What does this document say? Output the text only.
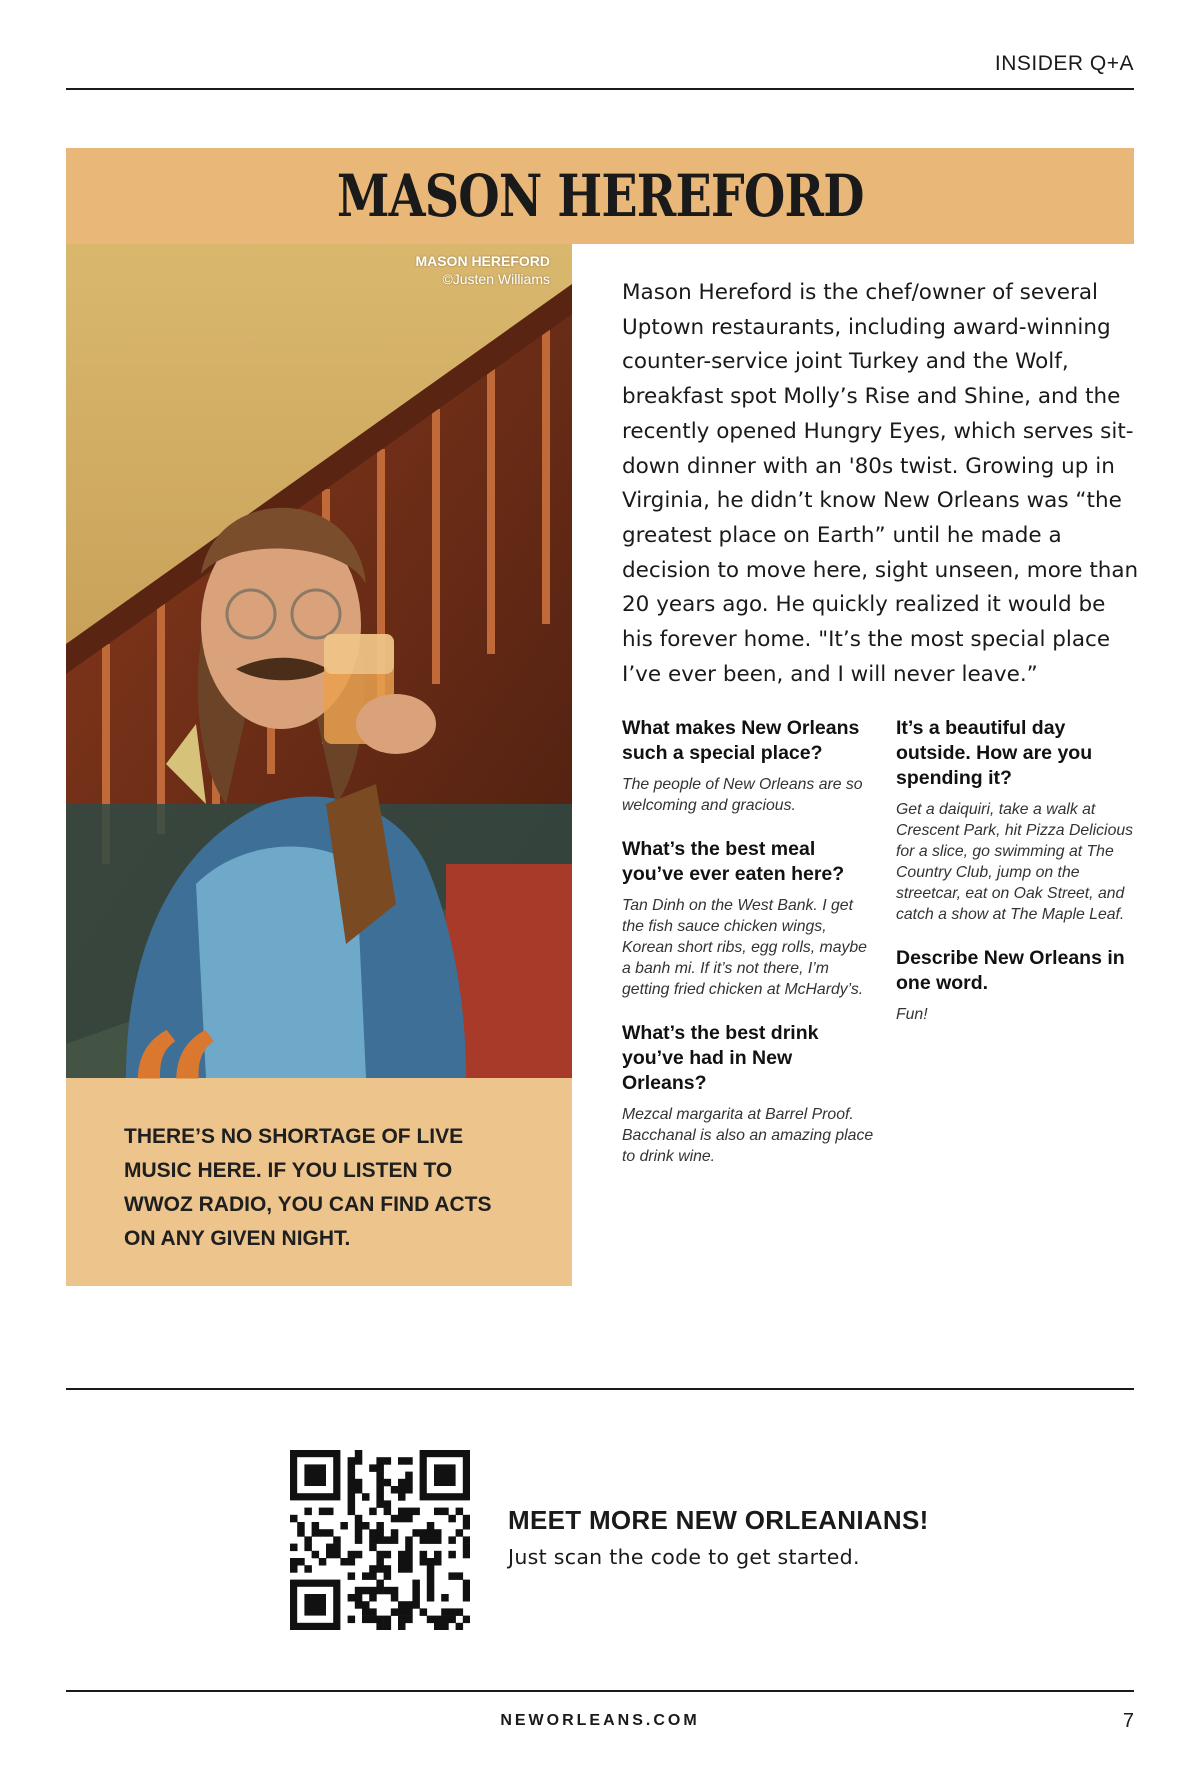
INSIDER Q+A
MASON HEREFORD
MASON HEREFORD
©Justen Williams
“

THERE’S NO SHORTAGE OF LIVE MUSIC HERE. IF YOU LISTEN TO WWOZ RADIO, YOU CAN FIND ACTS ON ANY GIVEN NIGHT.

Mason Hereford is the chef/owner of several Uptown restaurants, including award-winning counter-service joint Turkey and the Wolf, breakfast spot Molly’s Rise and Shine, and the recently opened Hungry Eyes, which serves sit-down dinner with an '80s twist. Growing up in Virginia, he didn’t know New Orleans was “the greatest place on Earth” until he made a decision to move here, sight unseen, more than 20 years ago. He quickly realized it would be his forever home. "It’s the most special place I’ve ever been, and I will never leave.”

What makes New Orleans such a special place?

The people of New Orleans are so welcoming and gracious.

What’s the best meal you’ve ever eaten here?

Tan Dinh on the West Bank. I get the fish sauce chicken wings, Korean short ribs, egg rolls, maybe a banh mi. If it’s not there, I’m getting fried chicken at McHardy’s.

What’s the best drink you’ve had in New Orleans?

Mezcal margarita at Barrel Proof. Bacchanal is also an amazing place to drink wine.

It’s a beautiful day outside. How are you spending it?

Get a daiquiri, take a walk at Crescent Park, hit Pizza Delicious for a slice, go swimming at The Country Club, jump on the streetcar, eat on Oak Street, and catch a show at The Maple Leaf.

Describe New Orleans in one word.

Fun!

MEET MORE NEW ORLEANIANS!
Just scan the code to get started.
NEWORLEANS.COM	7
